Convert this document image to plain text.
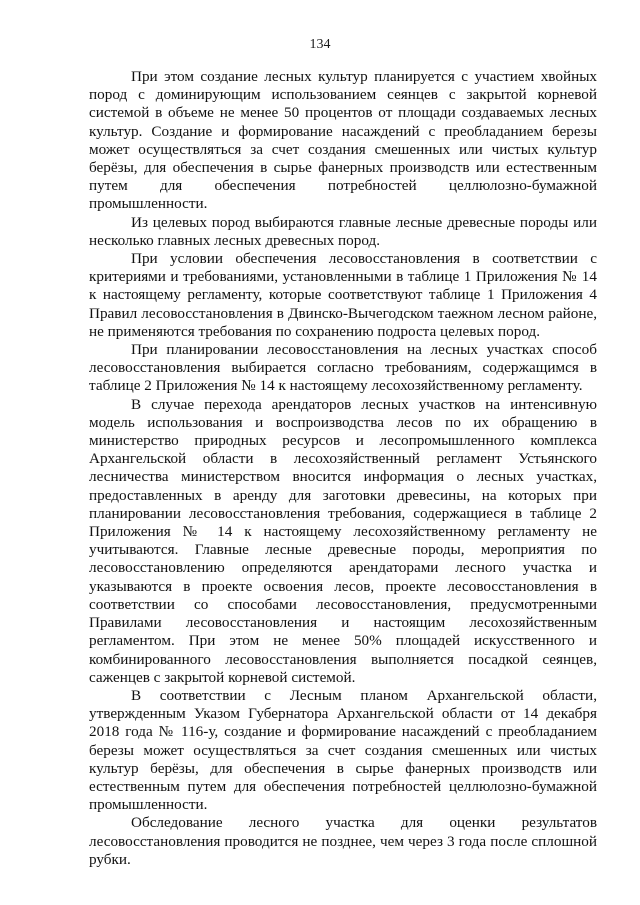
134

При этом создание лесных культур планируется с участием хвойных пород с доминирующим использованием сеянцев с закрытой корневой системой в объеме не менее 50 процентов от площади создаваемых лесных культур. Создание и формирование насаждений с преобладанием березы может осуществляться за счет создания смешенных или чистых культур берёзы, для обеспечения в сырье фанерных производств или естественным путем для обеспечения потребностей целлюлозно-бумажной промышленности.

Из целевых пород выбираются главные лесные древесные породы или несколько главных лесных древесных пород.

При условии обеспечения лесовосстановления в соответствии с критериями и требованиями, установленными в таблице 1 Приложения № 14 к настоящему регламенту, которые соответствуют таблице 1 Приложения 4 Правил лесовосстановления в Двинско-Вычегодском таежном лесном районе, не применяются требования по сохранению подроста целевых пород.

При планировании лесовосстановления на лесных участках способ лесовосстановления выбирается согласно требованиям, содержащимся в таблице 2 Приложения № 14 к настоящему лесохозяйственному регламенту.

В случае перехода арендаторов лесных участков на интенсивную модель использования и воспроизводства лесов по их обращению в министерство природных ресурсов и лесопромышленного комплекса Архангельской области в лесохозяйственный регламент Устьянского лесничества министерством вносится информация о лесных участках, предоставленных в аренду для заготовки древесины, на которых при планировании лесовосстановления требования, содержащиеся в таблице 2 Приложения № 14 к настоящему лесохозяйственному регламенту не учитываются. Главные лесные древесные породы, мероприятия по лесовосстановлению определяются арендаторами лесного участка и указываются в проекте освоения лесов, проекте лесовосстановления в соответствии со способами лесовосстановления, предусмотренными Правилами лесовосстановления и настоящим лесохозяйственным регламентом. При этом не менее 50% площадей искусственного и комбинированного лесовосстановления выполняется посадкой сеянцев, саженцев с закрытой корневой системой.

В соответствии с Лесным планом Архангельской области, утвержденным Указом Губернатора Архангельской области от 14 декабря 2018 года № 116-у, создание и формирование насаждений с преобладанием березы может осуществляться за счет создания смешенных или чистых культур берёзы, для обеспечения в сырье фанерных производств или естественным путем для обеспечения потребностей целлюлозно-бумажной промышленности.

Обследование лесного участка для оценки результатов лесовосстановления проводится не позднее, чем через 3 года после сплошной рубки.
